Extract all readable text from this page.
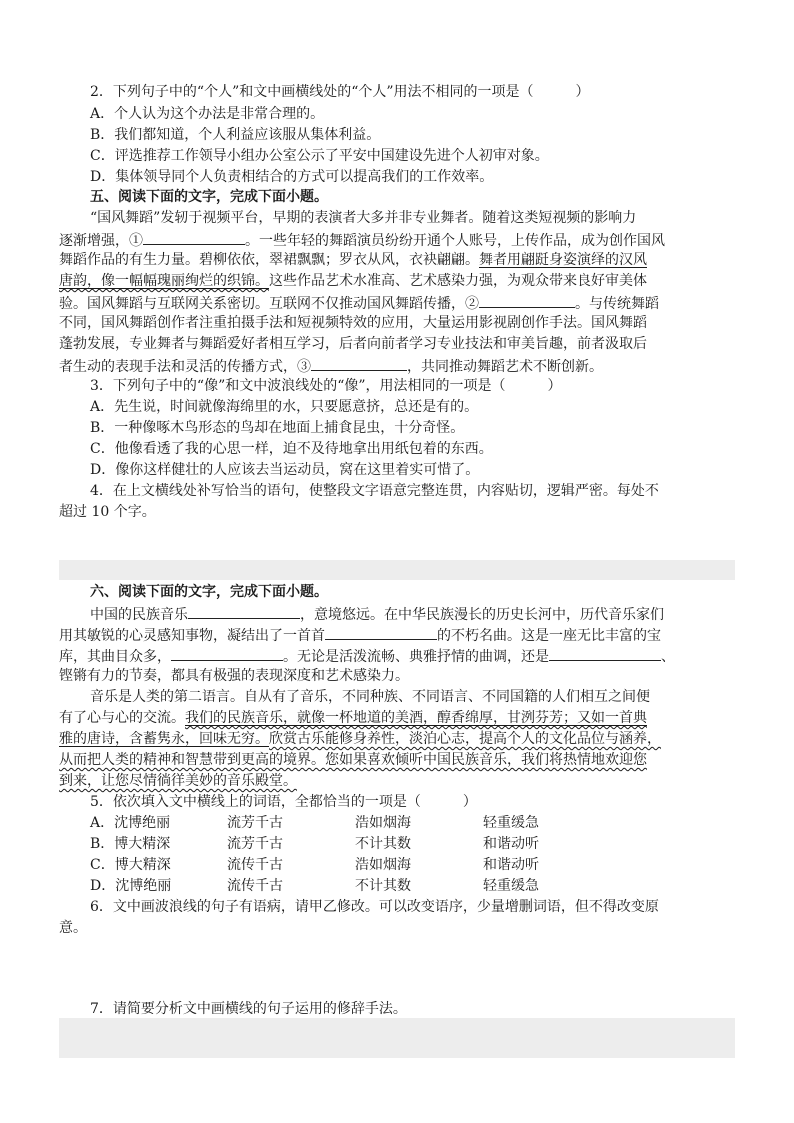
2．下列句子中的“个人”和文中画横线处的“个人”用法不相同的一项是（　　　）
A．个人认为这个办法是非常合理的。
B．我们都知道，个人利益应该服从集体利益。
C．评选推荐工作领导小组办公室公示了平安中国建设先进个人初审对象。
D．集体领导同个人负责相结合的方式可以提高我们的工作效率。
五、阅读下面的文字，完成下面小题。
“国风舞蹈”发轫于视频平台，早期的表演者大多并非专业舞者。随着这类短视频的影响力
逐渐增强，①	。一些年轻的舞蹈演员纷纷开通个人账号，上传作品，成为创作国风
舞蹈作品的有生力量。碧柳依依，翠裙飘飘；罗衣从风，衣袂翩翩。舞者用翩跹身姿演绎的汉风
唐韵，像一幅幅瑰丽绚烂的织锦。这些作品艺术水准高、艺术感染力强，为观众带来良好审美体
验。国风舞蹈与互联网关系密切。互联网不仅推动国风舞蹈传播，②	。与传统舞蹈
不同，国风舞蹈创作者注重拍摄手法和短视频特效的应用，大量运用影视剧创作手法。国风舞蹈
蓬勃发展，专业舞者与舞蹈爱好者相互学习，后者向前者学习专业技法和审美旨趣，前者汲取后
者生动的表现手法和灵活的传播方式，③	，共同推动舞蹈艺术不断创新。
3．下列句子中的“像”和文中波浪线处的“像”，用法相同的一项是（　　　）
A．先生说，时间就像海绵里的水，只要愿意挤，总还是有的。
B．一种像啄木鸟形态的鸟却在地面上捕食昆虫，十分奇怪。
C．他像看透了我的心思一样，迫不及待地拿出用纸包着的东西。
D．像你这样健壮的人应该去当运动员，窝在这里着实可惜了。
4．在上文横线处补写恰当的语句，使整段文字语意完整连贯，内容贴切，逻辑严密。每处不
超过 10 个字。
六、阅读下面的文字，完成下面小题。
中国的民族音乐	，意境悠远。在中华民族漫长的历史长河中，历代音乐家们
用其敏锐的心灵感知事物，凝结出了一首首	的不朽名曲。这是一座无比丰富的宝
库，其曲目众多，	。无论是活泼流畅、典雅抒情的曲调，还是	、
铿锵有力的节奏，都具有极强的表现深度和艺术感染力。
音乐是人类的第二语言。自从有了音乐，不同种族、不同语言、不同国籍的人们相互之间便
有了心与心的交流。我们的民族音乐，就像一杯地道的美酒，醇香绵厚，甘洌芬芳；又如一首典
雅的唐诗，含蓄隽永，回味无穷。欣赏古乐能修身养性，淡泊心志，提高个人的文化品位与涵养，
从而把人类的精神和智慧带到更高的境界。您如果喜欢倾听中国民族音乐，我们将热情地欢迎您
到来，让您尽情徜徉美妙的音乐殿堂。
5．依次填入文中横线上的词语，全都恰当的一项是（　　　）
A．沈博绝丽	流芳千古	浩如烟海	轻重缓急
B．博大精深	流芳千古	不计其数	和谐动听
C．博大精深	流传千古	浩如烟海	和谐动听
D．沈博绝丽	流传千古	不计其数	轻重缓急
6．文中画波浪线的句子有语病，请甲乙修改。可以改变语序，少量增删词语，但不得改变原
意。
7．请简要分析文中画横线的句子运用的修辞手法。
